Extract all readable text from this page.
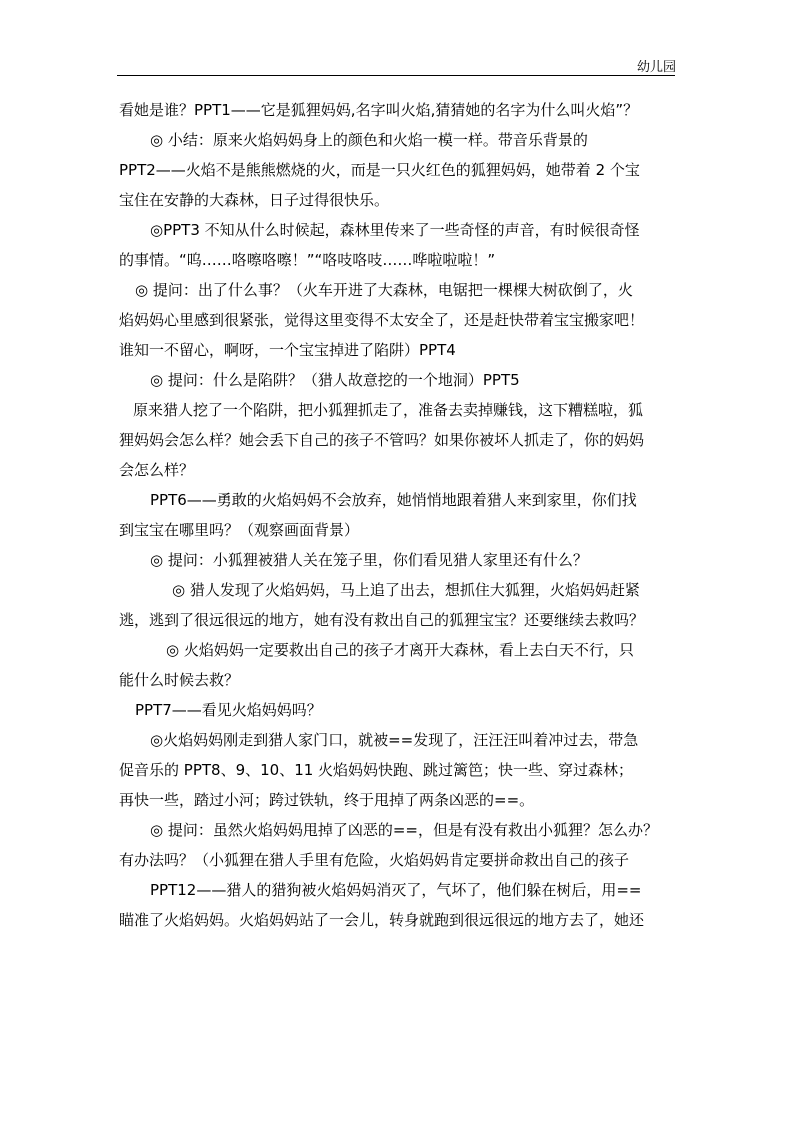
幼儿园
看她是谁？PPT1——它是狐狸妈妈,名字叫火焰,猜猜她的名字为什么叫火焰”？
◎ 小结：原来火焰妈妈身上的颜色和火焰一模一样。带音乐背景的
PPT2——火焰不是熊熊燃烧的火，而是一只火红色的狐狸妈妈，她带着 2 个宝
宝住在安静的大森林，日子过得很快乐。
◎PPT3 不知从什么时候起，森林里传来了一些奇怪的声音，有时候很奇怪
的事情。“呜……咯嚓咯嚓！”“咯吱咯吱……哗啦啦啦！”
◎ 提问：出了什么事？（火车开进了大森林，电锯把一棵棵大树砍倒了，火
焰妈妈心里感到很紧张，觉得这里变得不太安全了，还是赶快带着宝宝搬家吧！
谁知一不留心，啊呀，一个宝宝掉进了陷阱）PPT4
◎ 提问：什么是陷阱？（猎人故意挖的一个地洞）PPT5
原来猎人挖了一个陷阱，把小狐狸抓走了，准备去卖掉赚钱，这下糟糕啦，狐
狸妈妈会怎么样？她会丢下自己的孩子不管吗？如果你被坏人抓走了，你的妈妈
会怎么样？
PPT6——勇敢的火焰妈妈不会放弃，她悄悄地跟着猎人来到家里，你们找
到宝宝在哪里吗？（观察画面背景）
◎ 提问：小狐狸被猎人关在笼子里，你们看见猎人家里还有什么？
◎ 猎人发现了火焰妈妈，马上追了出去，想抓住大狐狸，火焰妈妈赶紧
逃，逃到了很远很远的地方，她有没有救出自己的狐狸宝宝？还要继续去救吗？
◎ 火焰妈妈一定要救出自己的孩子才离开大森林，看上去白天不行，只
能什么时候去救？
PPT7——看见火焰妈妈吗？
◎火焰妈妈刚走到猎人家门口，就被==发现了，汪汪汪叫着冲过去，带急
促音乐的 PPT8、9、10、11 火焰妈妈快跑、跳过篱笆；快一些、穿过森林；
再快一些，踏过小河；跨过铁轨，终于甩掉了两条凶恶的==。
◎ 提问：虽然火焰妈妈甩掉了凶恶的==，但是有没有救出小狐狸？怎么办？
有办法吗？（小狐狸在猎人手里有危险，火焰妈妈肯定要拼命救出自己的孩子
PPT12——猎人的猎狗被火焰妈妈消灭了，气坏了，他们躲在树后，用==
瞄准了火焰妈妈。火焰妈妈站了一会儿，转身就跑到很远很远的地方去了，她还
